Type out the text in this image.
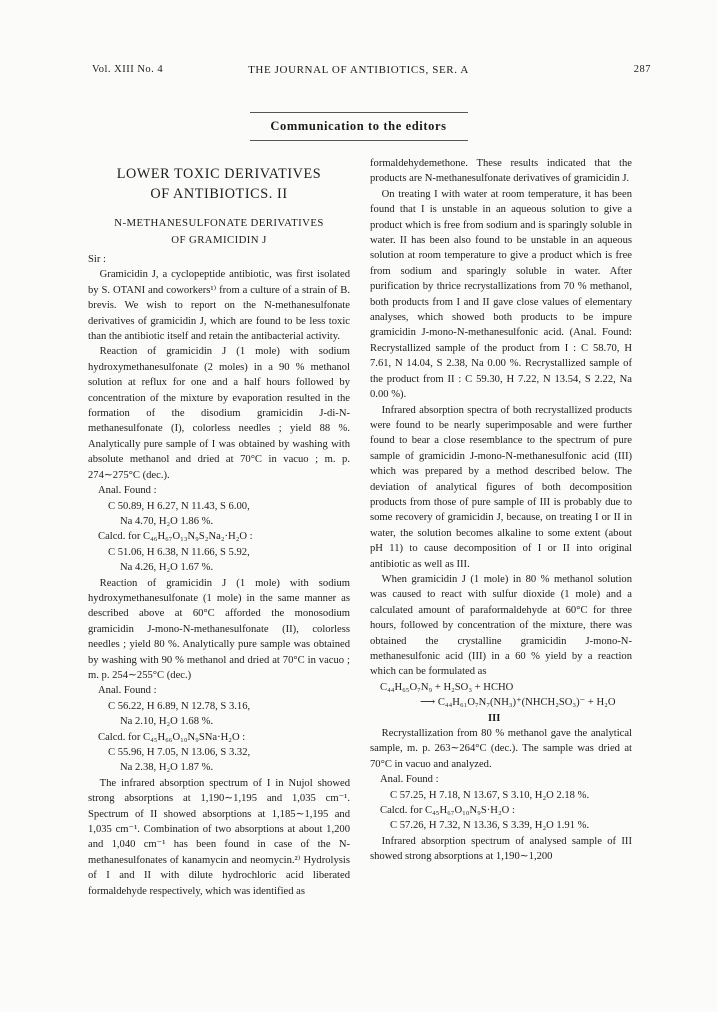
Vol. XIII No. 4	THE JOURNAL OF ANTIBIOTICS, SER. A	287
Communication to the editors
LOWER TOXIC DERIVATIVES
OF ANTIBIOTICS. II
N-METHANESULFONATE DERIVATIVES
OF GRAMICIDIN J

Sir :

Gramicidin J, a cyclopeptide antibiotic, was first isolated by S. OTANI and coworkers¹⁾ from a culture of a strain of B. brevis. We wish to report on the N-methanesulfonate derivatives of gramicidin J, which are found to be less toxic than the antibiotic itself and retain the antibacterial activity.

Reaction of gramicidin J (1 mole) with sodium hydroxymethanesulfonate (2 moles) in a 90 % methanol solution at reflux for one and a half hours followed by concentration of the mixture by evaporation resulted in the formation of the disodium gramicidin J-di-N-methanesulfonate (I), colorless needles ; yield 88 %. Analytically pure sample of I was obtained by washing with absolute methanol and dried at 70°C in vacuo ; m. p. 274∼275°C (dec.).

Anal. Found :

C 50.89, H 6.27, N 11.43, S 6.00,

Na 4.70, H₂O 1.86 %.

Calcd. for C₄₆H₆₇O₁₃N₉S₂Na₂·H₂O :

C 51.06, H 6.38, N 11.66, S 5.92,

Na 4.26, H₂O 1.67 %.

Reaction of gramicidin J (1 mole) with sodium hydroxymethanesulfonate (1 mole) in the same manner as described above at 60°C afforded the monosodium gramicidin J-mono-N-methanesulfonate (II), colorless needles ; yield 80 %. Analytically pure sample was obtained by washing with 90 % methanol and dried at 70°C in vacuo ; m. p. 254∼255°C (dec.)

Anal. Found :

C 56.22, H 6.89, N 12.78, S 3.16,

Na 2.10, H₂O 1.68 %.

Calcd. for C₄₅H₆₆O₁₀N₉SNa·H₂O :

C 55.96, H 7.05, N 13.06, S 3.32,

Na 2.38, H₂O 1.87 %.

The infrared absorption spectrum of I in Nujol showed strong absorptions at 1,190∼1,195 and 1,035 cm⁻¹. Spectrum of II showed absorptions at 1,185∼1,195 and 1,035 cm⁻¹. Combination of two absorptions at about 1,200 and 1,040 cm⁻¹ has been found in case of the N-methanesulfonates of kanamycin and neomycin.²⁾ Hydrolysis of I and II with dilute hydrochloric acid liberated formaldehyde respectively, which was identified as

formaldehydemethone. These results indicated that the products are N-methanesulfonate derivatives of gramicidin J.

On treating I with water at room temperature, it has been found that I is unstable in an aqueous solution to give a product which is free from sodium and is sparingly soluble in water. II has been also found to be unstable in an aqueous solution at room temperature to give a product which is free from sodium and sparingly soluble in water. After purification by thrice recrystallizations from 70 % methanol, both products from I and II gave close values of elementary analyses, which showed both products to be impure gramicidin J-mono-N-methanesulfonic acid. (Anal. Found: Recrystallized sample of the product from I : C 58.70, H 7.61, N 14.04, S 2.38, Na 0.00 %. Recrystallized sample of the product from II : C 59.30, H 7.22, N 13.54, S 2.22, Na 0.00 %).

Infrared absorption spectra of both recrystallized products were found to be nearly superimposable and were further found to bear a close resemblance to the spectrum of pure sample of gramicidin J-mono-N-methanesulfonic acid (III) which was prepared by a method described below. The deviation of analytical figures of both decomposition products from those of pure sample of III is probably due to some recovery of gramicidin J, because, on treating I or II in water, the solution becomes alkaline to some extent (about pH 11) to cause decomposition of I or II into original antibiotic as well as III.

When gramicidin J (1 mole) in 80 % methanol solution was caused to react with sulfur dioxide (1 mole) and a calculated amount of paraformaldehyde at 60°C for three hours, followed by concentration of the mixture, there was obtained the crystalline gramicidin J-mono-N-methanesulfonic acid (III) in a 60 % yield by a reaction which can be formulated as

C₄₄H₆₅O₇N₉ + H₂SO₃ + HCHO

⟶ C₄₄H₆₁O₇N₇(NH₃)⁺(NHCH₂SO₃)⁻ + H₂O

III

Recrystallization from 80 % methanol gave the analytical sample, m. p. 263∼264°C (dec.). The sample was dried at 70°C in vacuo and analyzed.

Anal. Found :

C 57.25, H 7.18, N 13.67, S 3.10, H₂O 2.18 %.

Calcd. for C₄₅H₆₇O₁₀N₉S·H₂O :

C 57.26, H 7.32, N 13.36, S 3.39, H₂O 1.91 %.

Infrared absorption spectrum of analysed sample of III showed strong absorptions at 1,190∼1,200
